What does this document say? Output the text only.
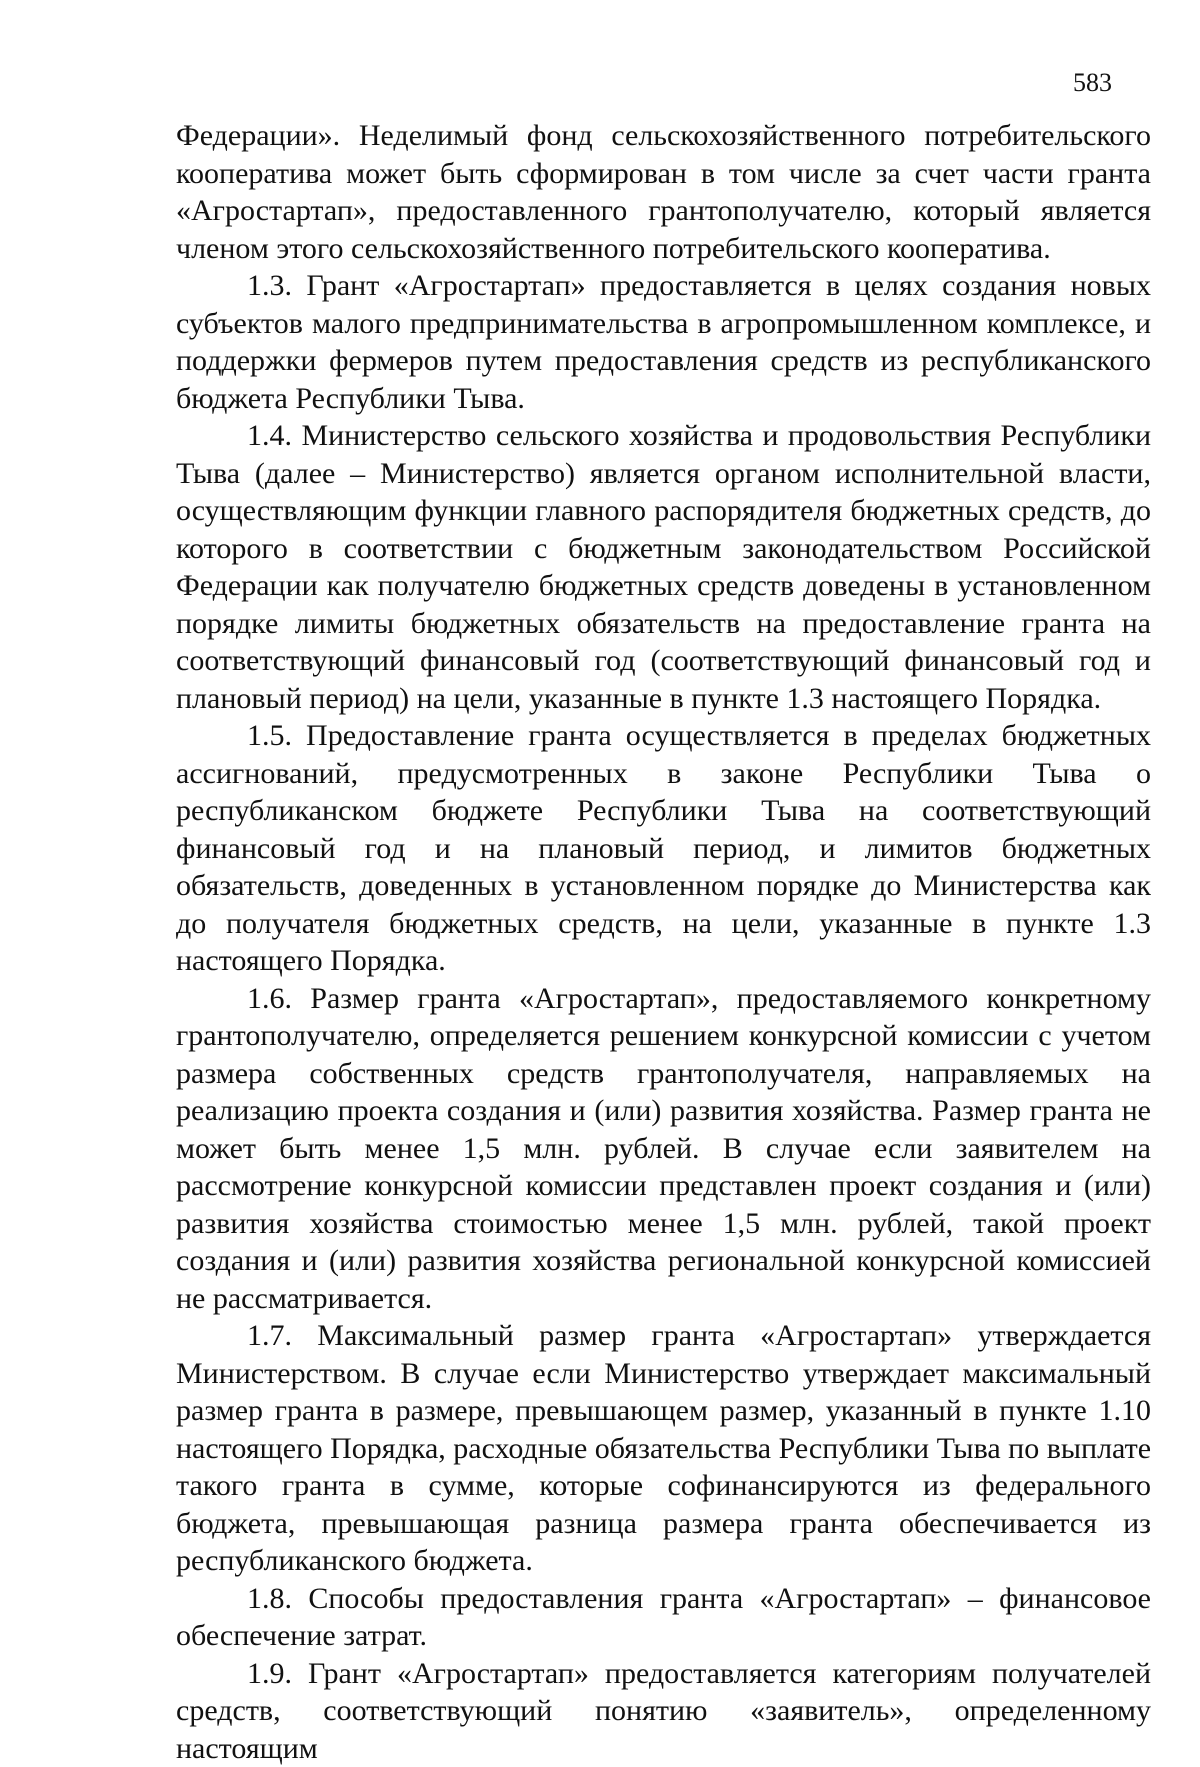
583

Федерации». Неделимый фонд сельскохозяйственного потребительского кооператива может быть сформирован в том числе за счет части гранта «Агростартап», предоставленного грантополучателю, который является членом этого сельскохозяйственного потребительского кооператива.

1.3. Грант «Агростартап» предоставляется в целях создания новых субъектов малого предпринимательства в агропромышленном комплексе, и поддержки фермеров путем предоставления средств из республиканского бюджета Республики Тыва.

1.4. Министерство сельского хозяйства и продовольствия Республики Тыва (далее – Министерство) является органом исполнительной власти, осуществляющим функции главного распорядителя бюджетных средств, до которого в соответствии с бюджетным законодательством Российской Федерации как получателю бюджетных средств доведены в установленном порядке лимиты бюджетных обязательств на предоставление гранта на соответствующий финансовый год (соответствующий финансовый год и плановый период) на цели, указанные в пункте 1.3 настоящего Порядка.

1.5. Предоставление гранта осуществляется в пределах бюджетных ассигнований, предусмотренных в законе Республики Тыва о республиканском бюджете Республики Тыва на соответствующий финансовый год и на плановый период, и лимитов бюджетных обязательств, доведенных в установленном порядке до Министерства как до получателя бюджетных средств, на цели, указанные в пункте 1.3 настоящего Порядка.

1.6. Размер гранта «Агростартап», предоставляемого конкретному грантополучателю, определяется решением конкурсной комиссии с учетом размера собственных средств грантополучателя, направляемых на реализацию проекта создания и (или) развития хозяйства. Размер гранта не может быть менее 1,5 млн. рублей. В случае если заявителем на рассмотрение конкурсной комиссии представлен проект создания и (или) развития хозяйства стоимостью менее 1,5 млн. рублей, такой проект создания и (или) развития хозяйства региональной конкурсной комиссией не рассматривается.

1.7. Максимальный размер гранта «Агростартап» утверждается Министерством. В случае если Министерство утверждает максимальный размер гранта в размере, превышающем размер, указанный в пункте 1.10 настоящего Порядка, расходные обязательства Республики Тыва по выплате такого гранта в сумме, которые софинансируются из федерального бюджета, превышающая разница размера гранта обеспечивается из республиканского бюджета.

1.8. Способы предоставления гранта «Агростартап» – финансовое обеспечение затрат.

1.9. Грант «Агростартап» предоставляется категориям получателей средств, соответствующий понятию «заявитель», определенному настоящим
